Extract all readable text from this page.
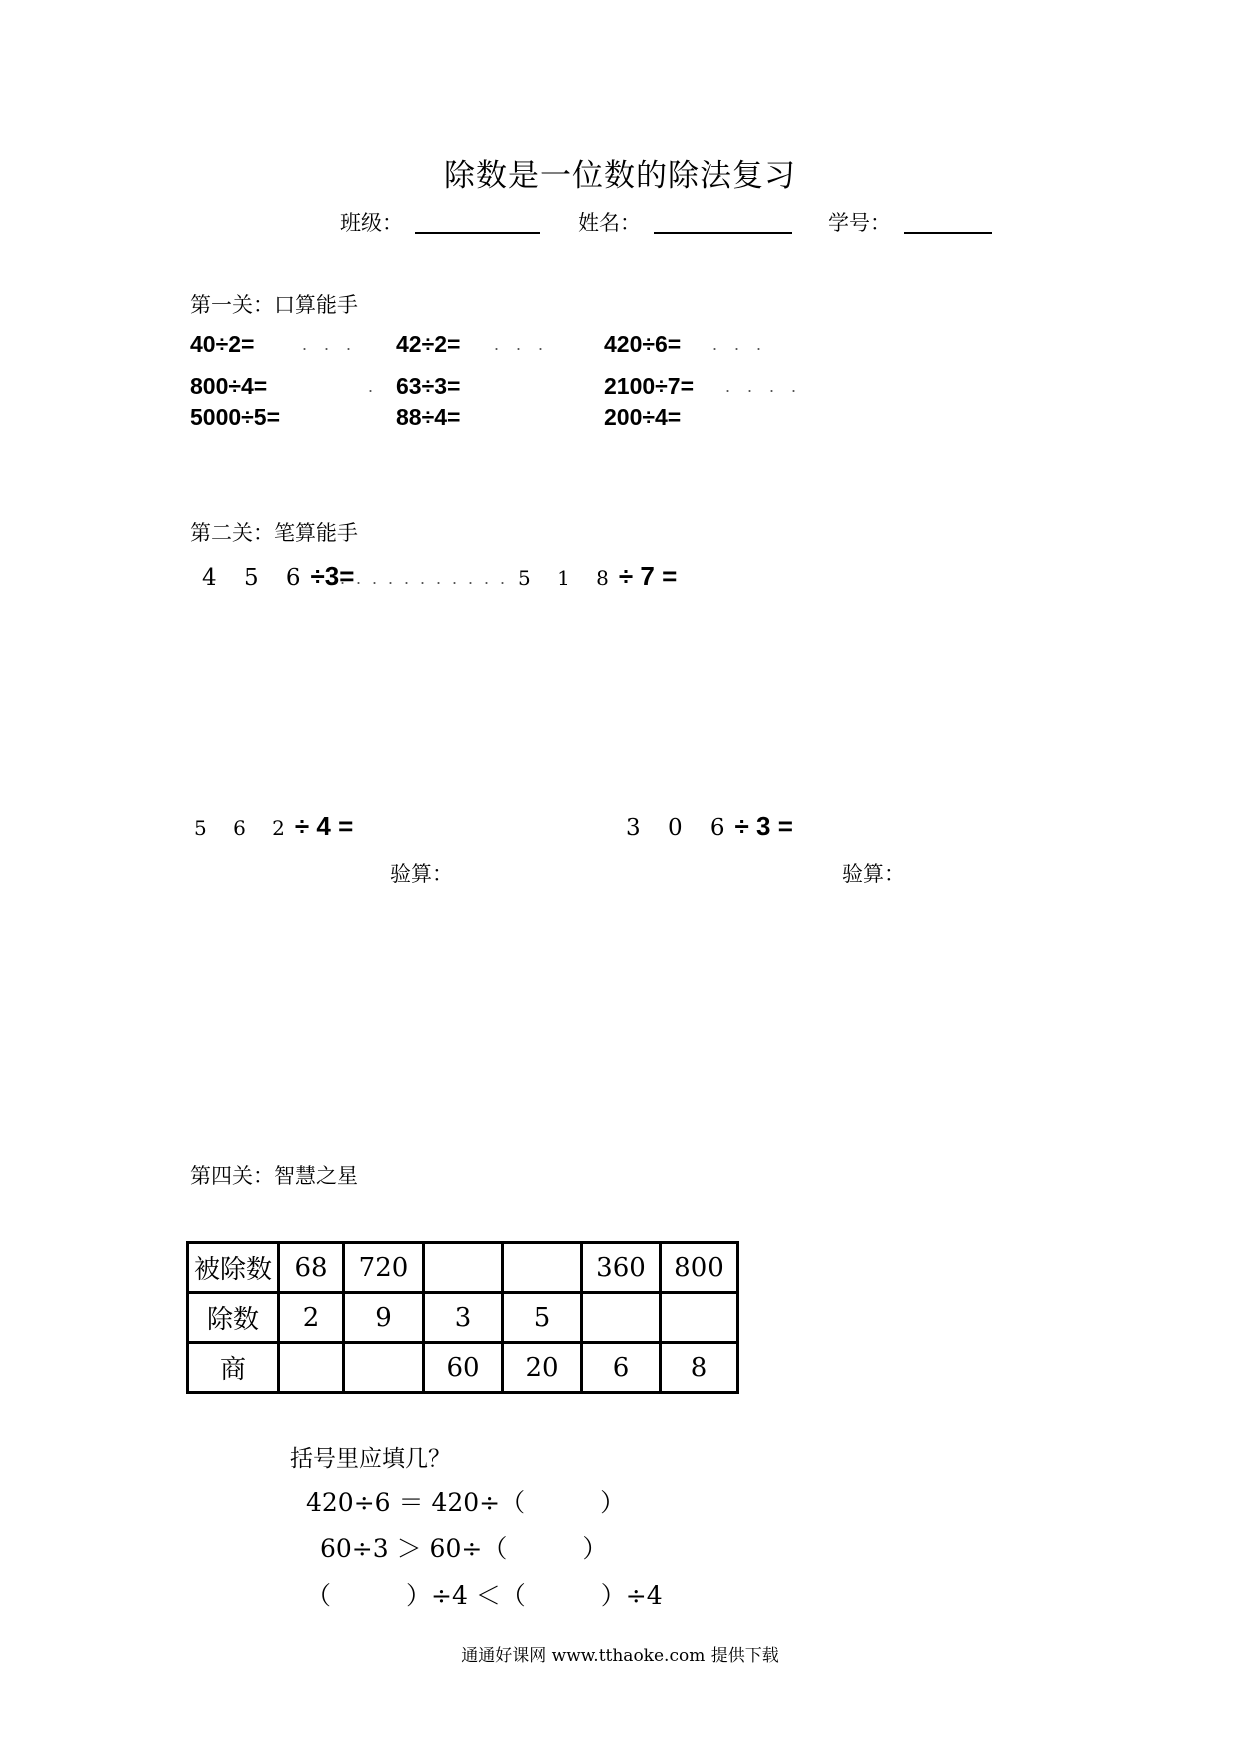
除数是一位数的除法复习
班级：	姓名：	学号：
第一关：口算能手
40÷2=	. . . 42÷2= . . . 420÷6= . . .
800÷4=	. 63÷3=	2100÷7= . . . .
5000÷5=	88÷4=	200÷4=
第二关：笔算能手
4 5 6÷3=
. . . . . . . . . . . 5 1 8÷ 7 =
5 6 2÷ 4 =	3 0 6÷ 3 =
验算：	验算：
第四关：智慧之星
被除数	68	720			360	800
除数	2	9	3	5		
商			60	20	6	8
括号里应填几？
420÷6 ＝ 420÷（　　　）
60÷3 ＞ 60÷（　　　）
（　　　）÷4 ＜（　　　）÷4
通通好课网 www.tthaoke.com 提供下载
